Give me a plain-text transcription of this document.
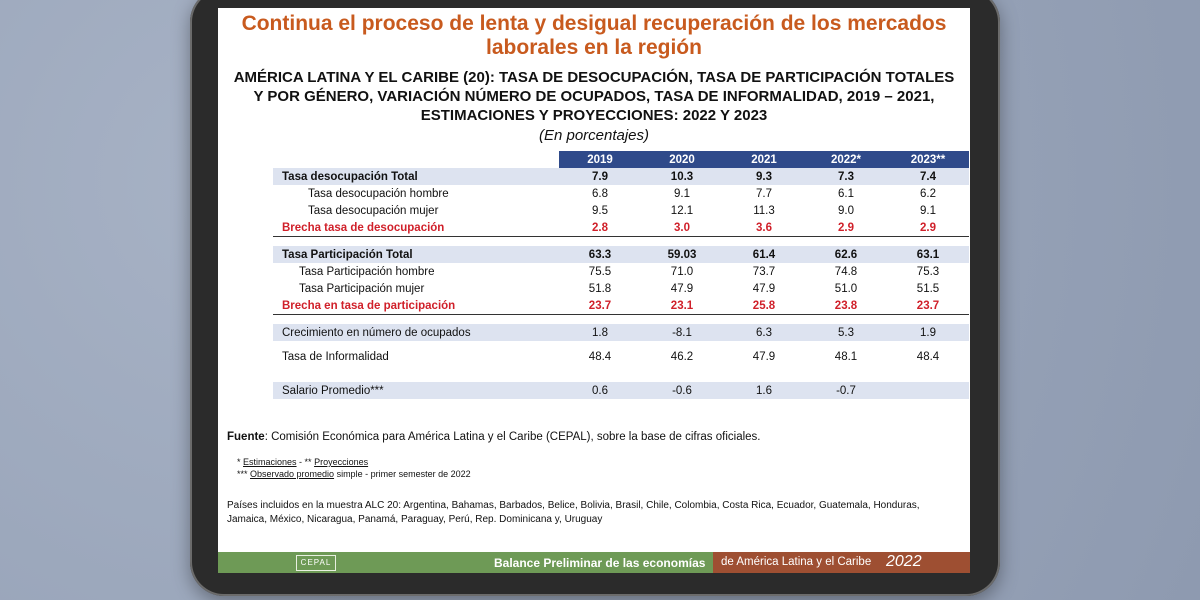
Continua el proceso de lenta y desigual recuperación de los mercados laborales en la región
AMÉRICA LATINA Y EL CARIBE (20): TASA DE DESOCUPACIÓN, TASA DE PARTICIPACIÓN TOTALES
Y POR GÉNERO, VARIACIÓN NÚMERO DE OCUPADOS, TASA DE INFORMALIDAD, 2019 – 2021,
ESTIMACIONES Y PROYECCIONES: 2022 Y 2023
(En porcentajes)
	2019	2020	2021	2022*	2023**
Tasa desocupación Total	7.9	10.3	9.3	7.3	7.4
Tasa desocupación hombre	6.8	9.1	7.7	6.1	6.2
Tasa desocupación mujer	9.5	12.1	11.3	9.0	9.1
Brecha tasa de desocupación	2.8	3.0	3.6	2.9	2.9

Tasa Participación Total	63.3	59.03	61.4	62.6	63.1
Tasa Participación hombre	75.5	71.0	73.7	74.8	75.3
Tasa Participación mujer	51.8	47.9	47.9	51.0	51.5
Brecha en tasa de participación	23.7	23.1	25.8	23.8	23.7

Crecimiento en número de ocupados	1.8	-8.1	6.3	5.3	1.9
Tasa de Informalidad	48.4	46.2	47.9	48.1	48.4

Salario Promedio***	0.6	-0.6	1.6	-0.7	
Fuente: Comisión Económica para América Latina y el Caribe (CEPAL), sobre la base de cifras oficiales.
* Estimaciones - ** Proyecciones
*** Observado promedio simple - primer semester de 2022
Países incluidos en la muestra ALC 20: Argentina, Bahamas, Barbados, Belice, Bolivia, Brasil, Chile, Colombia, Costa Rica, Ecuador, Guatemala, Honduras,
Jamaica, México, Nicaragua, Panamá, Paraguay, Perú, Rep. Dominicana y, Uruguay
CEPAL	Balance Preliminar de las economías de América Latina y el Caribe 2022
